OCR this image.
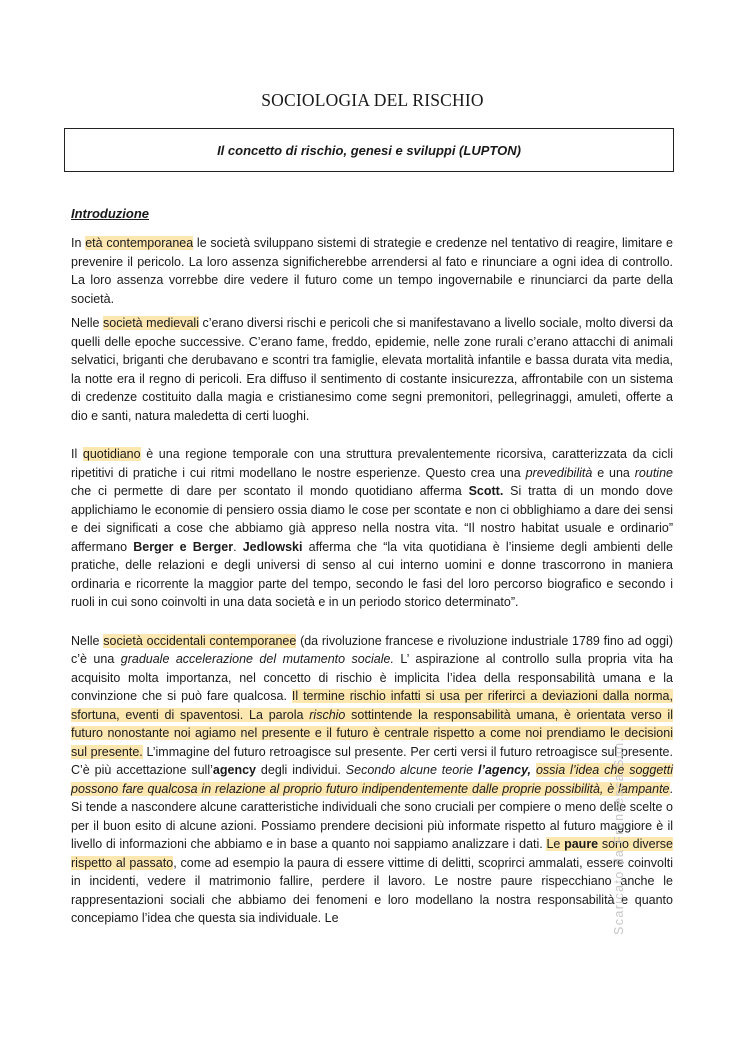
SOCIOLOGIA DEL RISCHIO
Il concetto di rischio, genesi e sviluppi (LUPTON)
Introduzione

In età contemporanea le società sviluppano sistemi di strategie e credenze nel tentativo di reagire, limitare e prevenire il pericolo. La loro assenza significherebbe arrendersi al fato e rinunciare a ogni idea di controllo. La loro assenza vorrebbe dire vedere il futuro come un tempo ingovernabile e rinunciarci da parte della società.

Nelle società medievali c’erano diversi rischi e pericoli che si manifestavano a livello sociale, molto diversi da quelli delle epoche successive. C’erano fame, freddo, epidemie, nelle zone rurali c’erano attacchi di animali selvatici, briganti che derubavano e scontri tra famiglie, elevata mortalità infantile e bassa durata vita media, la notte era il regno di pericoli. Era diffuso il sentimento di costante insicurezza, affrontabile con un sistema di credenze costituito dalla magia e cristianesimo come segni premonitori, pellegrinaggi, amuleti, offerte a dio e santi, natura maledetta di certi luoghi.

Il quotidiano è una regione temporale con una struttura prevalentemente ricorsiva, caratterizzata da cicli ripetitivi di pratiche i cui ritmi modellano le nostre esperienze. Questo crea una prevedibilità e una routine che ci permette di dare per scontato il mondo quotidiano afferma Scott. Si tratta di un mondo dove applichiamo le economie di pensiero ossia diamo le cose per scontate e non ci obblighiamo a dare dei sensi e dei significati a cose che abbiamo già appreso nella nostra vita. “Il nostro habitat usuale e ordinario” affermano Berger e Berger. Jedlowski afferma che “la vita quotidiana è l’insieme degli ambienti delle pratiche, delle relazioni e degli universi di senso al cui interno uomini e donne trascorrono in maniera ordinaria e ricorrente la maggior parte del tempo, secondo le fasi del loro percorso biografico e secondo i ruoli in cui sono coinvolti in una data società e in un periodo storico determinato”.

Nelle società occidentali contemporanee (da rivoluzione francese e rivoluzione industriale 1789 fino ad oggi) c’è una graduale accelerazione del mutamento sociale. L’ aspirazione al controllo sulla propria vita ha acquisito molta importanza, nel concetto di rischio è implicita l’idea della responsabilità umana e la convinzione che si può fare qualcosa. Il termine rischio infatti si usa per riferirci a deviazioni dalla norma, sfortuna, eventi di spaventosi. La parola rischio sottintende la responsabilità umana, è orientata verso il futuro nonostante noi agiamo nel presente e il futuro è centrale rispetto a come noi prendiamo le decisioni sul presente. L’immagine del futuro retroagisce sul presente. Per certi versi il futuro retroagisce sul presente. C’è più accettazione sull’agency degli individui. Secondo alcune teorie l’agency, ossia l’idea che soggetti possono fare qualcosa in relazione al proprio futuro indipendentemente dalle proprie possibilità, è lampante. Si tende a nascondere alcune caratteristiche individuali che sono cruciali per compiere o meno delle scelte o per il buon esito di alcune azioni. Possiamo prendere decisioni più informate rispetto al futuro maggiore è il livello di informazioni che abbiamo e in base a quanto noi sappiamo analizzare i dati. Le paure sono diverse rispetto al passato, come ad esempio la paura di essere vittime di delitti, scoprirci ammalati, essere coinvolti in incidenti, vedere il matrimonio fallire, perdere il lavoro. Le nostre paure rispecchiano anche le rappresentazioni sociali che abbiamo dei fenomeni e loro modellano la nostra responsabilità e quanto concepiamo l’idea che questa sia individuale. Le	Scaricato da Francesca Sun...
